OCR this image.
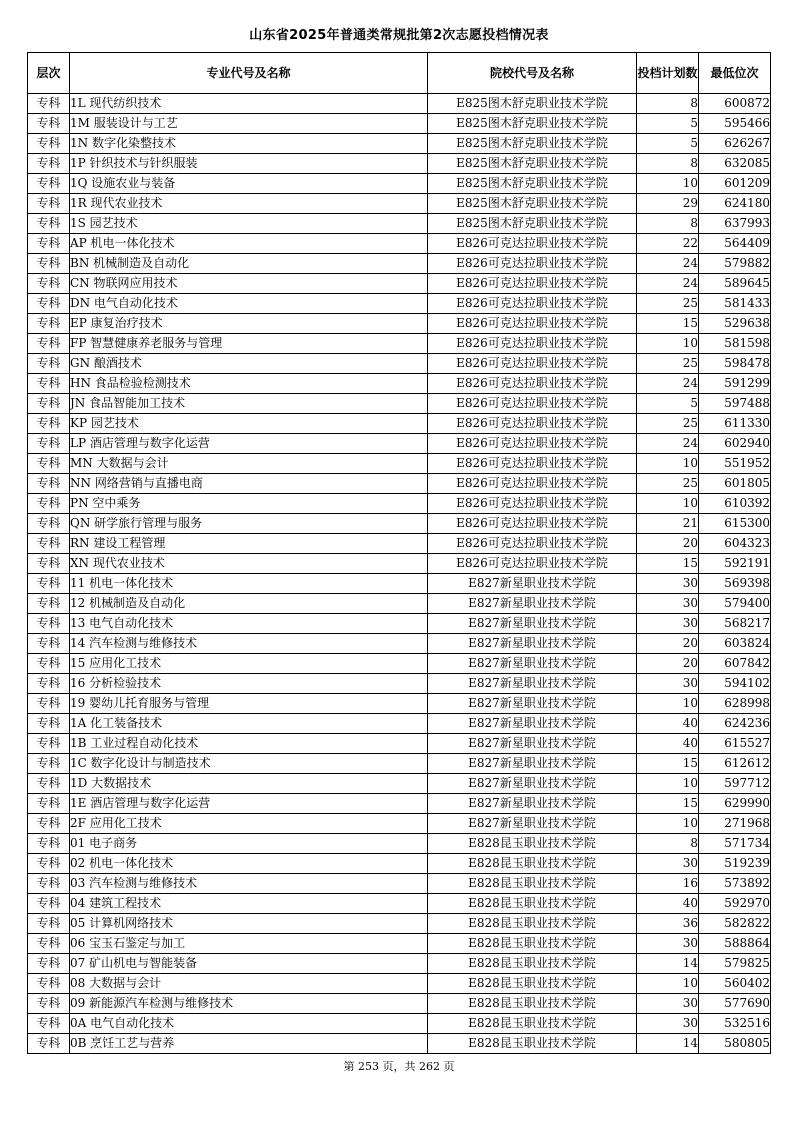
山东省2025年普通类常规批第2次志愿投档情况表
层次	专业代号及名称	院校代号及名称	投档计划数	最低位次
专科	1L 现代纺织技术	E825图木舒克职业技术学院	8	600872
专科	1M 服装设计与工艺	E825图木舒克职业技术学院	5	595466
专科	1N 数字化染整技术	E825图木舒克职业技术学院	5	626267
专科	1P 针织技术与针织服装	E825图木舒克职业技术学院	8	632085
专科	1Q 设施农业与装备	E825图木舒克职业技术学院	10	601209
专科	1R 现代农业技术	E825图木舒克职业技术学院	29	624180
专科	1S 园艺技术	E825图木舒克职业技术学院	8	637993
专科	AP 机电一体化技术	E826可克达拉职业技术学院	22	564409
专科	BN 机械制造及自动化	E826可克达拉职业技术学院	24	579882
专科	CN 物联网应用技术	E826可克达拉职业技术学院	24	589645
专科	DN 电气自动化技术	E826可克达拉职业技术学院	25	581433
专科	EP 康复治疗技术	E826可克达拉职业技术学院	15	529638
专科	FP 智慧健康养老服务与管理	E826可克达拉职业技术学院	10	581598
专科	GN 酿酒技术	E826可克达拉职业技术学院	25	598478
专科	HN 食品检验检测技术	E826可克达拉职业技术学院	24	591299
专科	JN 食品智能加工技术	E826可克达拉职业技术学院	5	597488
专科	KP 园艺技术	E826可克达拉职业技术学院	25	611330
专科	LP 酒店管理与数字化运营	E826可克达拉职业技术学院	24	602940
专科	MN 大数据与会计	E826可克达拉职业技术学院	10	551952
专科	NN 网络营销与直播电商	E826可克达拉职业技术学院	25	601805
专科	PN 空中乘务	E826可克达拉职业技术学院	10	610392
专科	QN 研学旅行管理与服务	E826可克达拉职业技术学院	21	615300
专科	RN 建设工程管理	E826可克达拉职业技术学院	20	604323
专科	XN 现代农业技术	E826可克达拉职业技术学院	15	592191
专科	11 机电一体化技术	E827新星职业技术学院	30	569398
专科	12 机械制造及自动化	E827新星职业技术学院	30	579400
专科	13 电气自动化技术	E827新星职业技术学院	30	568217
专科	14 汽车检测与维修技术	E827新星职业技术学院	20	603824
专科	15 应用化工技术	E827新星职业技术学院	20	607842
专科	16 分析检验技术	E827新星职业技术学院	30	594102
专科	19 婴幼儿托育服务与管理	E827新星职业技术学院	10	628998
专科	1A 化工装备技术	E827新星职业技术学院	40	624236
专科	1B 工业过程自动化技术	E827新星职业技术学院	40	615527
专科	1C 数字化设计与制造技术	E827新星职业技术学院	15	612612
专科	1D 大数据技术	E827新星职业技术学院	10	597712
专科	1E 酒店管理与数字化运营	E827新星职业技术学院	15	629990
专科	2F 应用化工技术	E827新星职业技术学院	10	271968
专科	01 电子商务	E828昆玉职业技术学院	8	571734
专科	02 机电一体化技术	E828昆玉职业技术学院	30	519239
专科	03 汽车检测与维修技术	E828昆玉职业技术学院	16	573892
专科	04 建筑工程技术	E828昆玉职业技术学院	40	592970
专科	05 计算机网络技术	E828昆玉职业技术学院	36	582822
专科	06 宝玉石鉴定与加工	E828昆玉职业技术学院	30	588864
专科	07 矿山机电与智能装备	E828昆玉职业技术学院	14	579825
专科	08 大数据与会计	E828昆玉职业技术学院	10	560402
专科	09 新能源汽车检测与维修技术	E828昆玉职业技术学院	30	577690
专科	0A 电气自动化技术	E828昆玉职业技术学院	30	532516
专科	0B 烹饪工艺与营养	E828昆玉职业技术学院	14	580805
第 253 页，共 262 页
